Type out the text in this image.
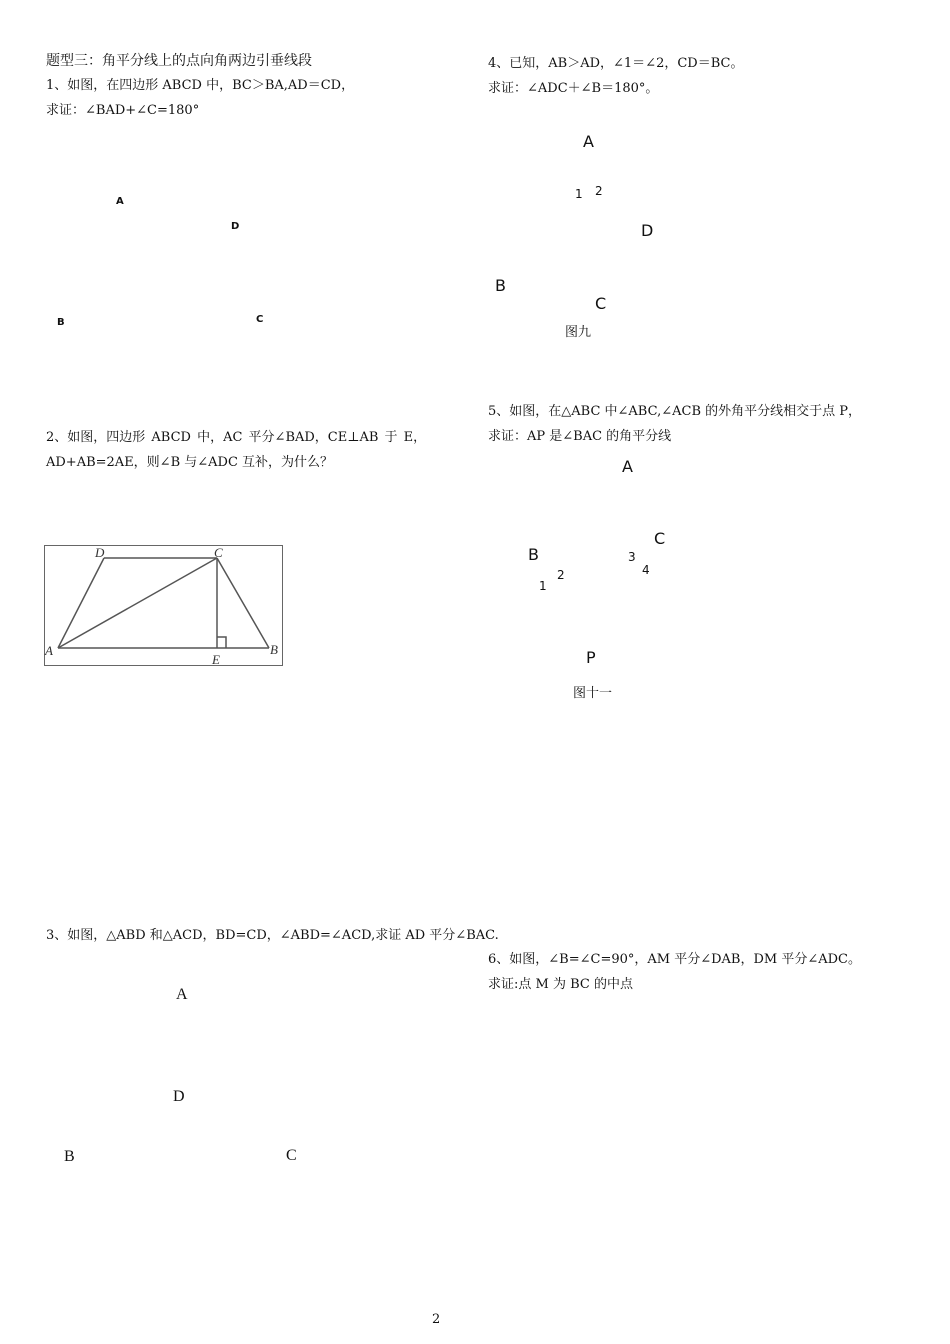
题型三：角平分线上的点向角两边引垂线段
1、如图，在四边形 ABCD 中，BC＞BA,AD＝CD，
求证：∠BAD+∠C=180°
A
D
B	C
2、如图，四边形 ABCD 中，AC 平分∠BAD，CE⊥AB 于 E，
AD+AB=2AE，则∠B 与∠ADC 互补，为什么？
D	C
A	B
E
3、如图，△ABD 和△ACD，BD=CD，∠ABD=∠ACD,求证 AD 平分∠BAC.
A
D
B	C
4、已知，AB＞AD，∠1＝∠2，CD＝BC。
求证：∠ADC＋∠B＝180°。
A
1 2
D
B
C
图九
5、如图，在△ABC 中∠ABC,∠ACB 的外角平分线相交于点 P，
求证：AP 是∠BAC 的角平分线
A
C
B	3
4
1
2
P
图十一
6、如图，∠B=∠C=90°，AM 平分∠DAB，DM 平分∠ADC。
求证:点 M 为 BC 的中点
2
